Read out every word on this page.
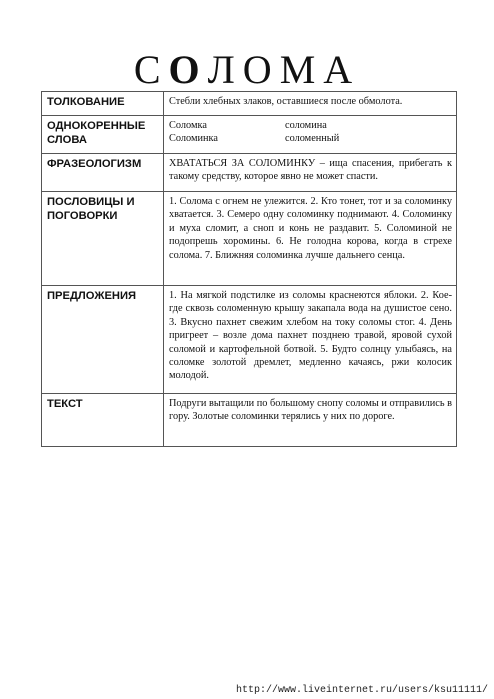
СОЛОМА
ТОЛКОВАНИЕ	Стебли хлебных злаков, оставшиеся после обмолота.
ОДНОКОРЕННЫЕ СЛОВА	Соломка соломина
Соломинка соломенный

ФРАЗЕОЛОГИЗМ	ХВАТАТЬСЯ ЗА СОЛОМИНКУ – ища спасения, прибегать к такому средству, которое явно не может спасти.
ПОСЛОВИЦЫ И ПОГОВОРКИ	1. Солома с огнем не улежится. 2. Кто тонет, тот и за соломинку хватается. 3. Семеро одну соломинку поднимают. 4. Соломинку и муха сломит, а сноп и конь не раздавит. 5. Соломиной не подопрешь хоромины. 6. Не голодна корова, когда в стрехе солома. 7. Ближняя соломинка лучше дальнего сенца.
ПРЕДЛОЖЕНИЯ	1. На мягкой подстилке из соломы краснеются яблоки. 2. Кое-где сквозь соломенную крышу закапала вода на душистое сено. 3. Вкусно пахнет свежим хлебом на току соломы стог. 4. День пригреет – возле дома пахнет позднею травой, яровой сухой соломой и картофельной ботвой. 5. Будто солнцу улыбаясь, на соломке золотой дремлет, медленно качаясь, ржи колосик молодой.
ТЕКСТ	Подруги вытащили по большому снопу соломы и отправились в гору. Золотые соломинки терялись у них по дороге.
http://www.liveinternet.ru/users/ksu11111/
